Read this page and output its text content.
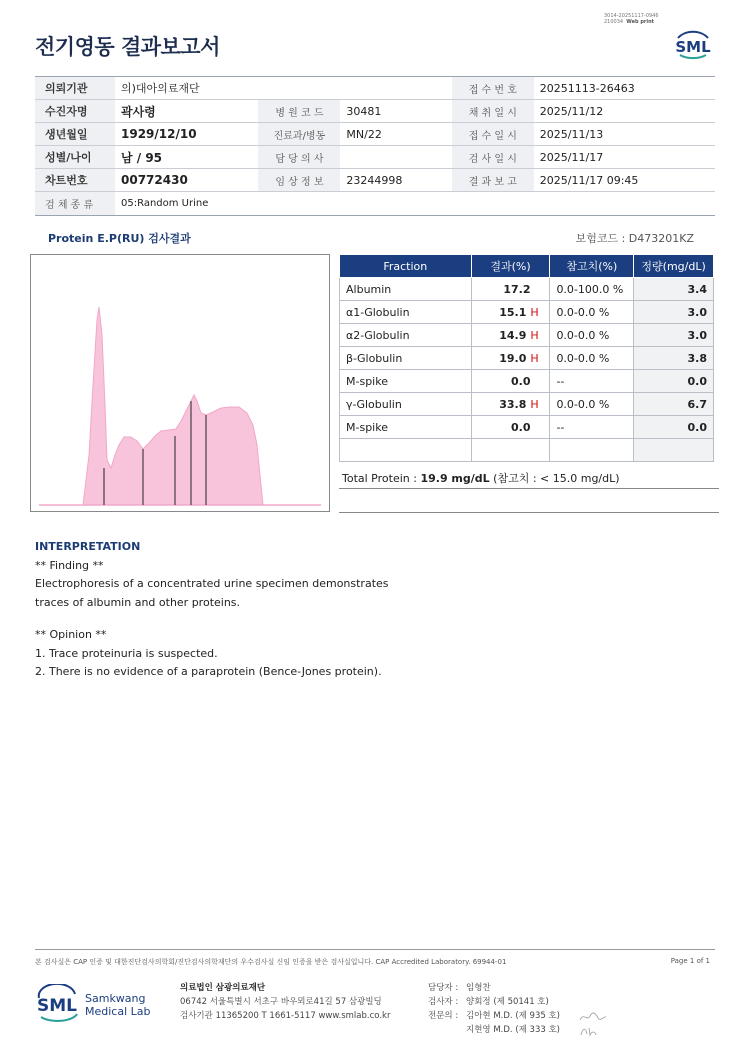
3014-20251117-0946
210034 Web print
전기영동 결과보고서	SML
의뢰기관	의)대아의료재단			접 수 번 호	20251113-26463
수진자명	곽사령	병 원 코 드	30481	채 취 일 시	2025/11/12
생년월일	1929/12/10	진료과/병동	MN/22	접 수 일 시	2025/11/13
성별/나이	남 / 95	담 당 의 사		검 사 일 시	2025/11/17
차트번호	00772430	임 상 정 보	23244998	결 과 보 고	2025/11/17 09:45
검 체 종 류	05:Random Urine				
Protein E.P(RU) 검사결과	보험코드 : D473201KZ
Fraction	결과(%)	참고치(%)	정량(mg/dL)
Albumin	17.2	0.0-100.0 %	3.4
α1-Globulin	15.1 H	0.0-0.0 %	3.0
α2-Globulin	14.9 H	0.0-0.0 %	3.0
β-Globulin	19.0 H	0.0-0.0 %	3.8
M-spike	0.0	--	0.0
γ-Globulin	33.8 H	0.0-0.0 %	6.7
M-spike	0.0	--	0.0

Total Protein : 19.9 mg/dL (참고치 : < 15.0 mg/dL)
INTERPRETATION
** Finding **
Electrophoresis of a concentrated urine specimen demonstrates
traces of albumin and other proteins.
** Opinion **
1. Trace proteinuria is suspected.
2. There is no evidence of a paraprotein (Bence-Jones protein).
본 검사실은 CAP 인증 및 대한진단검사의학회/진단검사의학재단의 우수검사실 신임 인증을 받은 검사실입니다. CAP Accredited Laboratory. 69944-01	Page 1 of 1
SML Samkwang
Medical Lab
의료법인 삼광의료재단
06742 서울특별시 서초구 바우뫼로41길 57 삼광빌딩
검사기관 11365200 T 1661-5117 www.smlab.co.kr
담당자 : 임형찬
검사자 : 양회정 (제 50141 호)
전문의 : 김아현 M.D. (제 935 호)
지현영 M.D. (제 333 호)
